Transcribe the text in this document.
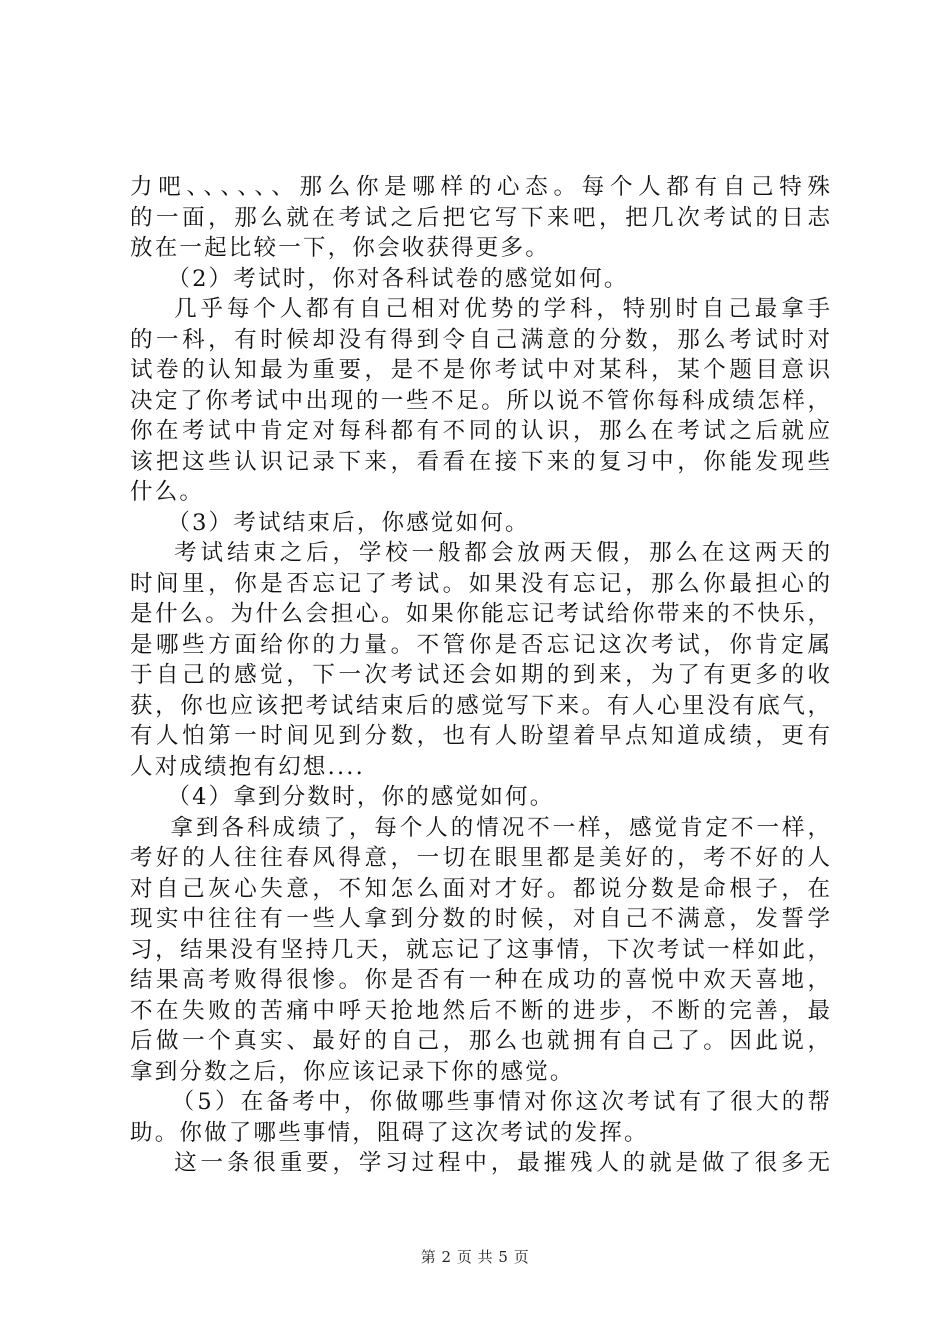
力吧、、、、、、那么你是哪样的心态。每个人都有自己特殊
的一面，那么就在考试之后把它写下来吧，把几次考试的日志
放在一起比较一下，你会收获得更多。
（2）考试时，你对各科试卷的感觉如何。
几乎每个人都有自己相对优势的学科，特别时自己最拿手
的一科，有时候却没有得到令自己满意的分数，那么考试时对
试卷的认知最为重要，是不是你考试中对某科，某个题目意识
决定了你考试中出现的一些不足。所以说不管你每科成绩怎样，
你在考试中肯定对每科都有不同的认识，那么在考试之后就应
该把这些认识记录下来，看看在接下来的复习中，你能发现些
什么。
（3）考试结束后，你感觉如何。
考试结束之后，学校一般都会放两天假，那么在这两天的
时间里，你是否忘记了考试。如果没有忘记，那么你最担心的
是什么。为什么会担心。如果你能忘记考试给你带来的不快乐，
是哪些方面给你的力量。不管你是否忘记这次考试，你肯定属
于自己的感觉，下一次考试还会如期的到来，为了有更多的收
获，你也应该把考试结束后的感觉写下来。有人心里没有底气，
有人怕第一时间见到分数，也有人盼望着早点知道成绩，更有
人对成绩抱有幻想....
（4）拿到分数时，你的感觉如何。
拿到各科成绩了，每个人的情况不一样，感觉肯定不一样，
考好的人往往春风得意，一切在眼里都是美好的，考不好的人
对自己灰心失意，不知怎么面对才好。都说分数是命根子，在
现实中往往有一些人拿到分数的时候，对自己不满意，发誓学
习，结果没有坚持几天，就忘记了这事情，下次考试一样如此，
结果高考败得很惨。你是否有一种在成功的喜悦中欢天喜地，
不在失败的苦痛中呼天抢地然后不断的进步，不断的完善，最
后做一个真实、最好的自己，那么也就拥有自己了。因此说，
拿到分数之后，你应该记录下你的感觉。
（5）在备考中，你做哪些事情对你这次考试有了很大的帮
助。你做了哪些事情，阻碍了这次考试的发挥。
这一条很重要，学习过程中，最摧残人的就是做了很多无
第 2 页 共 5 页
